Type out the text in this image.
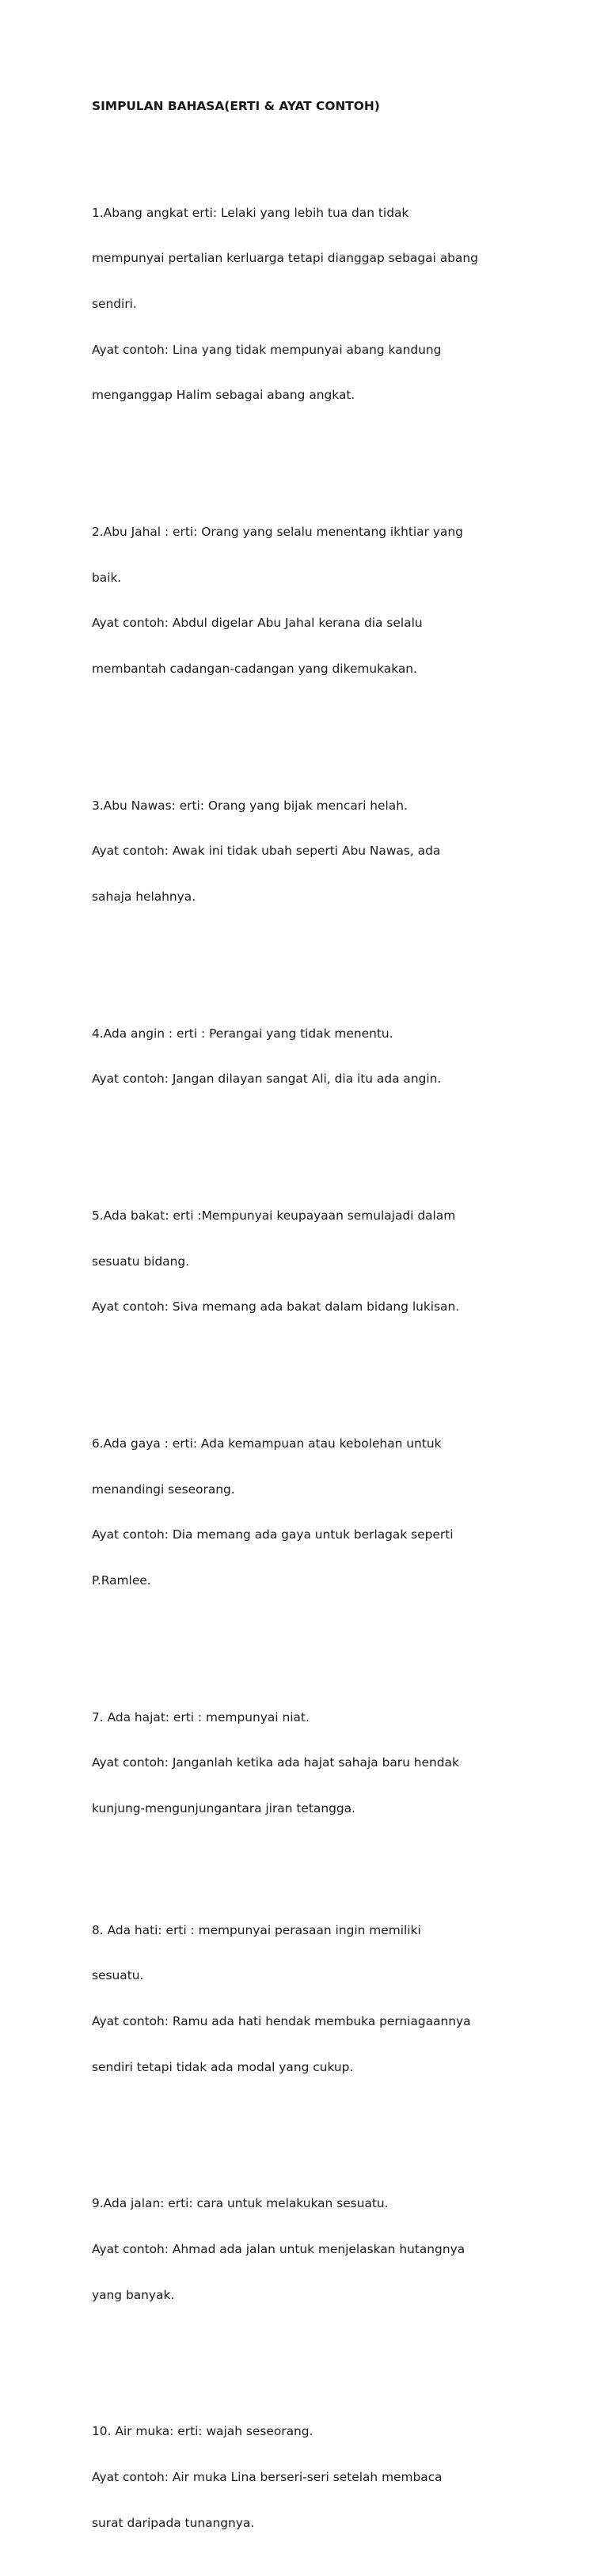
SIMPULAN BAHASA(ERTI & AYAT CONTOH)

1.Abang angkat erti: Lelaki yang lebih tua dan tidak

mempunyai pertalian kerluarga tetapi dianggap sebagai abang

sendiri.

Ayat contoh: Lina yang tidak mempunyai abang kandung

menganggap Halim sebagai abang angkat.

2.Abu Jahal : erti: Orang yang selalu menentang ikhtiar yang

baik.

Ayat contoh: Abdul digelar Abu Jahal kerana dia selalu

membantah cadangan-cadangan yang dikemukakan.

3.Abu Nawas: erti: Orang yang bijak mencari helah.

Ayat contoh: Awak ini tidak ubah seperti Abu Nawas, ada

sahaja helahnya.

4.Ada angin : erti : Perangai yang tidak menentu.

Ayat contoh: Jangan dilayan sangat Ali, dia itu ada angin.

5.Ada bakat: erti :Mempunyai keupayaan semulajadi dalam

sesuatu bidang.

Ayat contoh: Siva memang ada bakat dalam bidang lukisan.

6.Ada gaya : erti: Ada kemampuan atau kebolehan untuk

menandingi seseorang.

Ayat contoh: Dia memang ada gaya untuk berlagak seperti

P.Ramlee.

7. Ada hajat: erti : mempunyai niat.

Ayat contoh: Janganlah ketika ada hajat sahaja baru hendak

kunjung-mengunjungantara jiran tetangga.

8. Ada hati: erti : mempunyai perasaan ingin memiliki

sesuatu.

Ayat contoh: Ramu ada hati hendak membuka perniagaannya

sendiri tetapi tidak ada modal yang cukup.

9.Ada jalan: erti: cara untuk melakukan sesuatu.

Ayat contoh: Ahmad ada jalan untuk menjelaskan hutangnya

yang banyak.

10. Air muka: erti: wajah seseorang.

Ayat contoh: Air muka Lina berseri-seri setelah membaca

surat daripada tunangnya.
